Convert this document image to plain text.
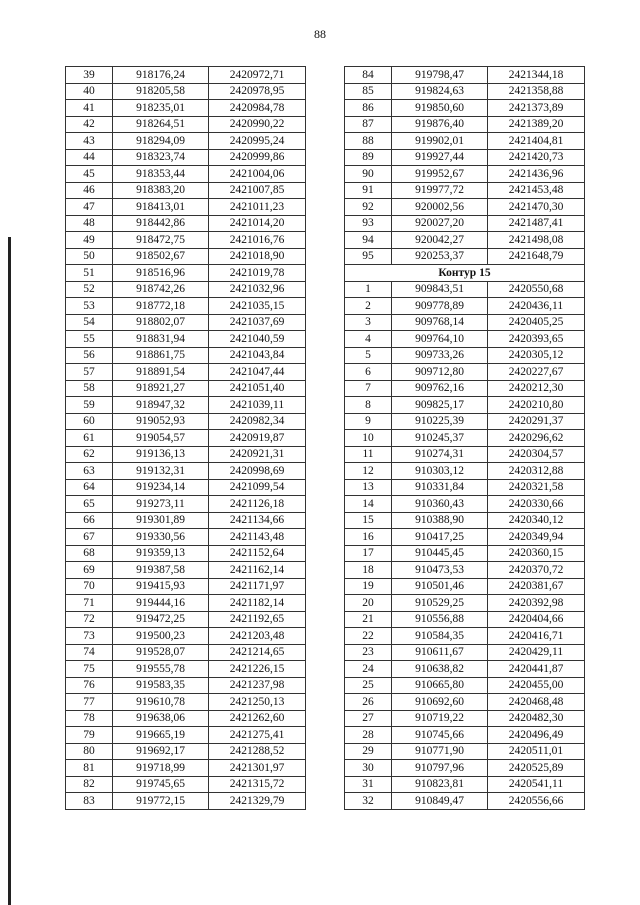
88
39	918176,24	2420972,71
40	918205,58	2420978,95
41	918235,01	2420984,78
42	918264,51	2420990,22
43	918294,09	2420995,24
44	918323,74	2420999,86
45	918353,44	2421004,06
46	918383,20	2421007,85
47	918413,01	2421011,23
48	918442,86	2421014,20
49	918472,75	2421016,76
50	918502,67	2421018,90
51	918516,96	2421019,78
52	918742,26	2421032,96
53	918772,18	2421035,15
54	918802,07	2421037,69
55	918831,94	2421040,59
56	918861,75	2421043,84
57	918891,54	2421047,44
58	918921,27	2421051,40
59	918947,32	2421039,11
60	919052,93	2420982,34
61	919054,57	2420919,87
62	919136,13	2420921,31
63	919132,31	2420998,69
64	919234,14	2421099,54
65	919273,11	2421126,18
66	919301,89	2421134,66
67	919330,56	2421143,48
68	919359,13	2421152,64
69	919387,58	2421162,14
70	919415,93	2421171,97
71	919444,16	2421182,14
72	919472,25	2421192,65
73	919500,23	2421203,48
74	919528,07	2421214,65
75	919555,78	2421226,15
76	919583,35	2421237,98
77	919610,78	2421250,13
78	919638,06	2421262,60
79	919665,19	2421275,41
80	919692,17	2421288,52
81	919718,99	2421301,97
82	919745,65	2421315,72
83	919772,15	2421329,79
84	919798,47	2421344,18
85	919824,63	2421358,88
86	919850,60	2421373,89
87	919876,40	2421389,20
88	919902,01	2421404,81
89	919927,44	2421420,73
90	919952,67	2421436,96
91	919977,72	2421453,48
92	920002,56	2421470,30
93	920027,20	2421487,41
94	920042,27	2421498,08
95	920253,37	2421648,79
Контур 15		
1	909843,51	2420550,68
2	909778,89	2420436,11
3	909768,14	2420405,25
4	909764,10	2420393,65
5	909733,26	2420305,12
6	909712,80	2420227,67
7	909762,16	2420212,30
8	909825,17	2420210,80
9	910225,39	2420291,37
10	910245,37	2420296,62
11	910274,31	2420304,57
12	910303,12	2420312,88
13	910331,84	2420321,58
14	910360,43	2420330,66
15	910388,90	2420340,12
16	910417,25	2420349,94
17	910445,45	2420360,15
18	910473,53	2420370,72
19	910501,46	2420381,67
20	910529,25	2420392,98
21	910556,88	2420404,66
22	910584,35	2420416,71
23	910611,67	2420429,11
24	910638,82	2420441,87
25	910665,80	2420455,00
26	910692,60	2420468,48
27	910719,22	2420482,30
28	910745,66	2420496,49
29	910771,90	2420511,01
30	910797,96	2420525,89
31	910823,81	2420541,11
32	910849,47	2420556,66
